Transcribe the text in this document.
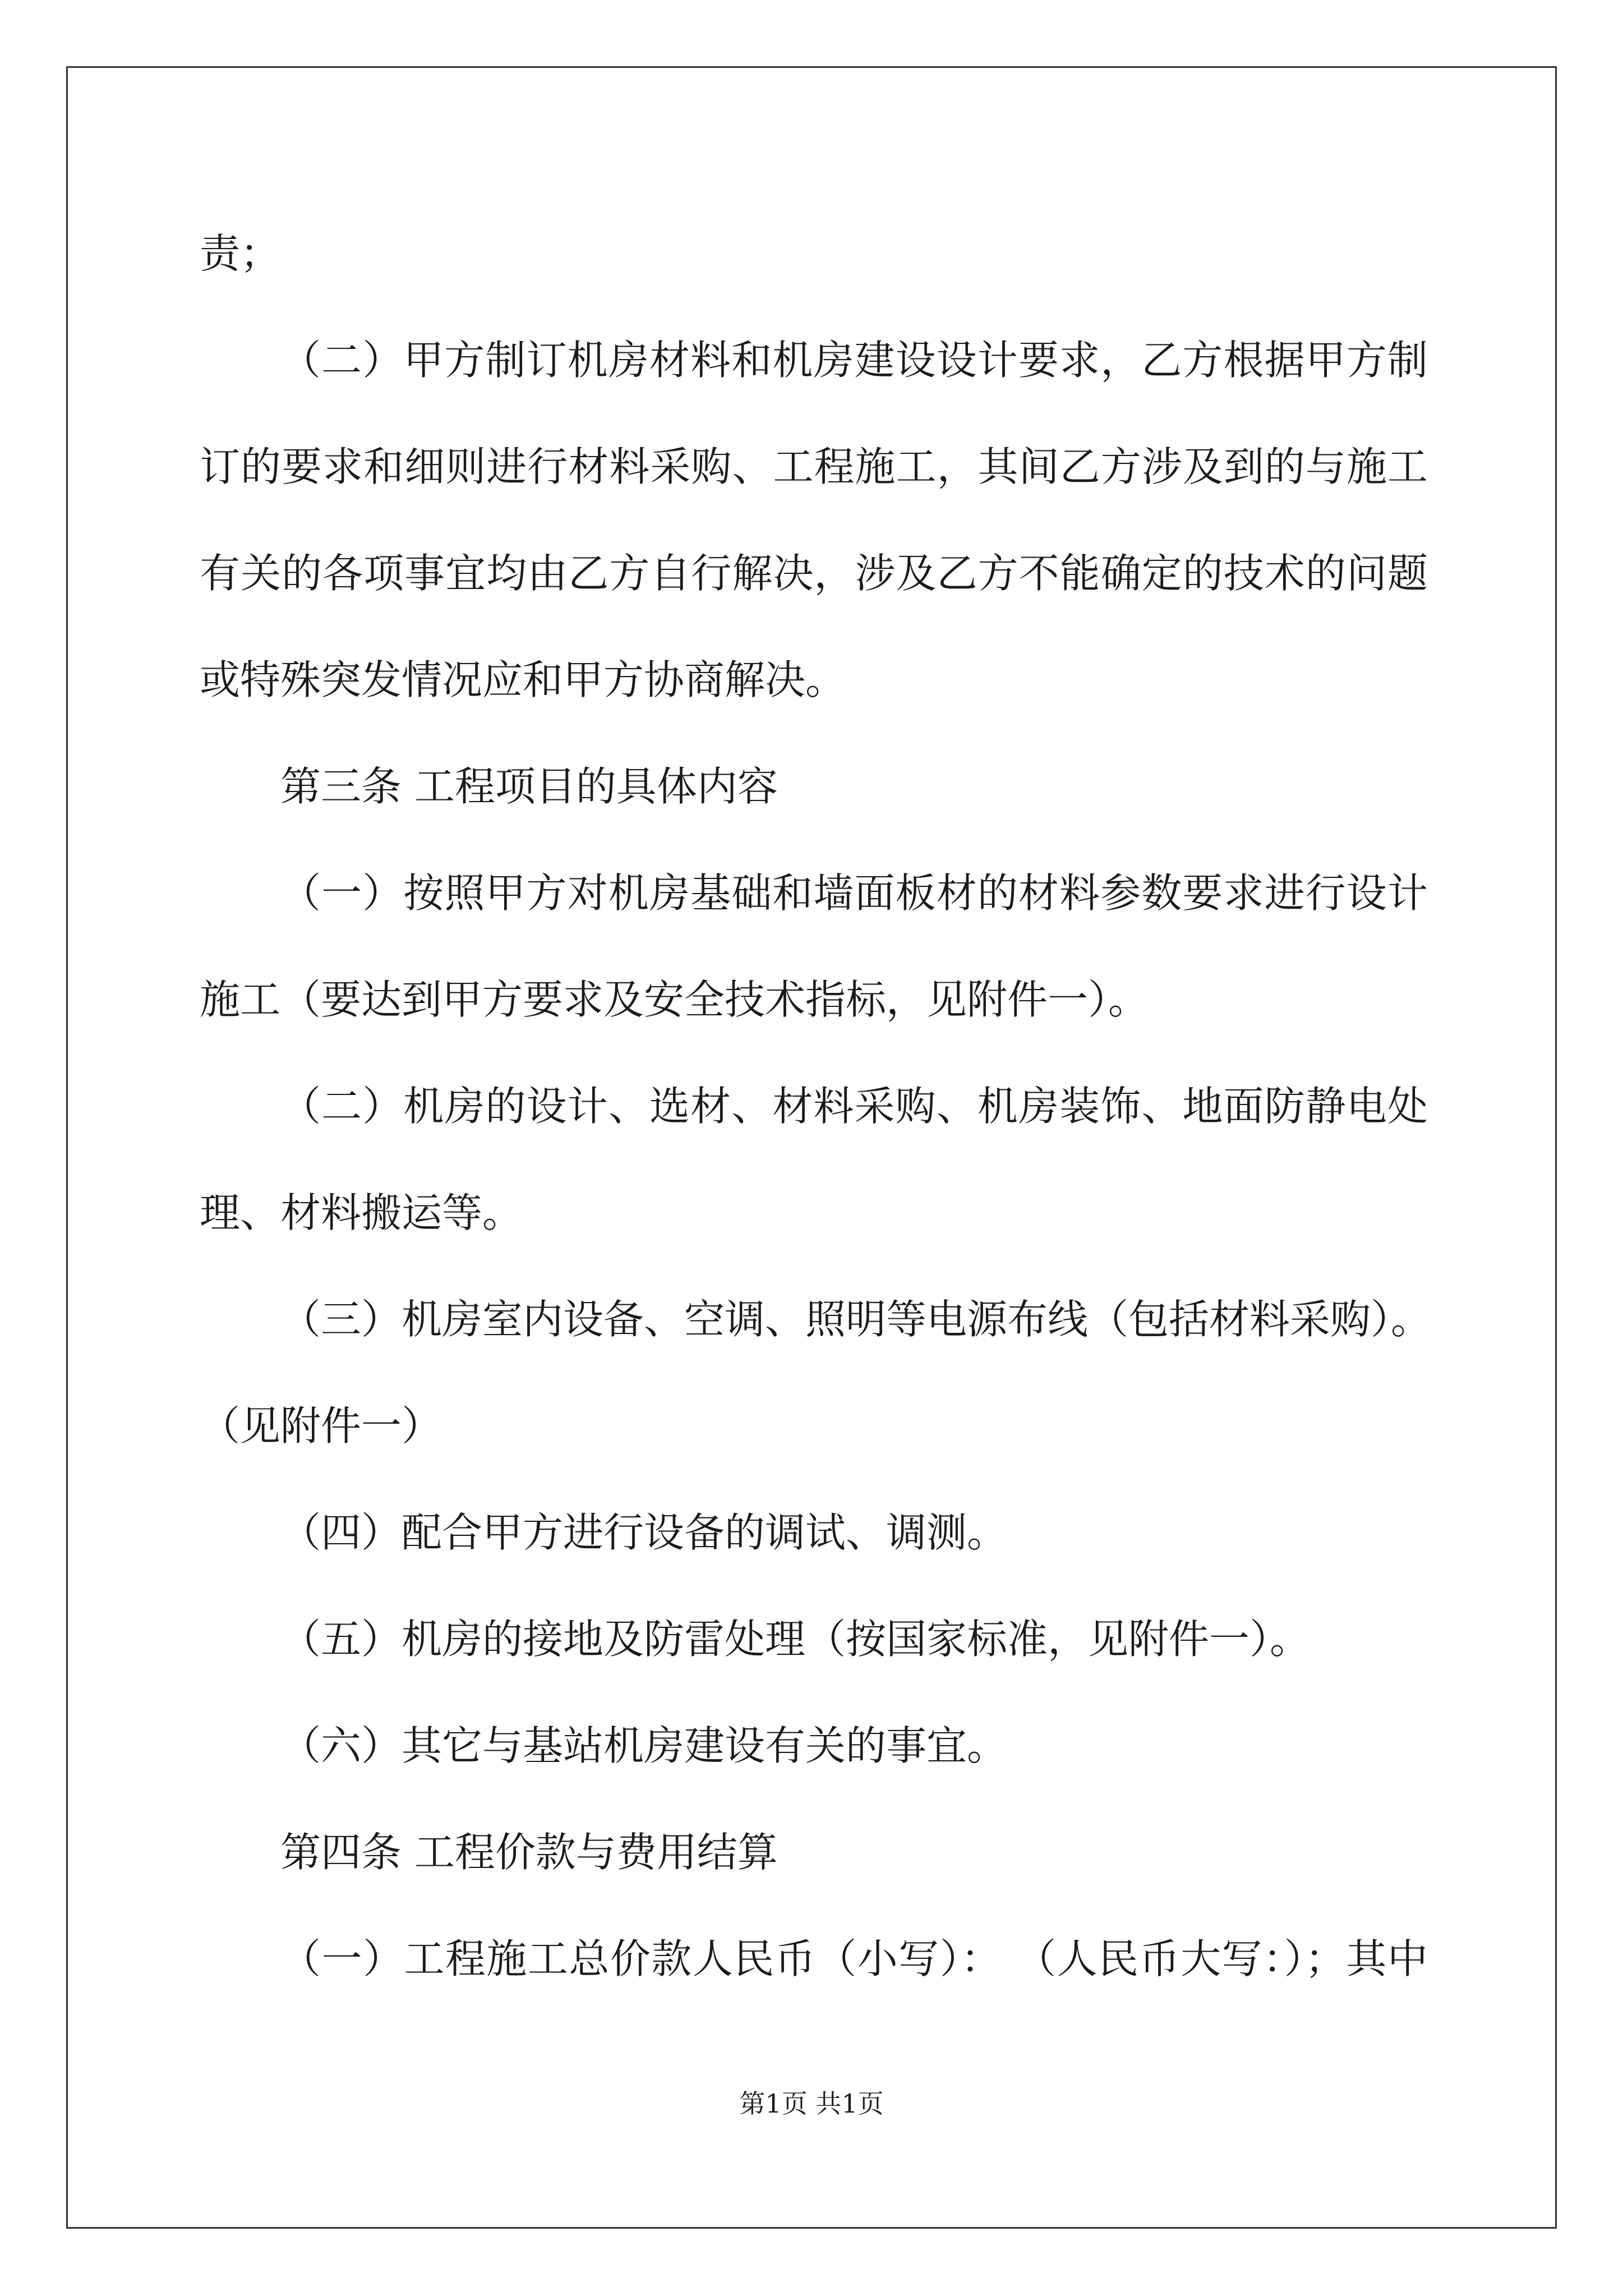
责；

（二）甲方制订机房材料和机房建设设计要求，乙方根据甲方制

订的要求和细则进行材料采购、工程施工，其间乙方涉及到的与施工

有关的各项事宜均由乙方自行解决，涉及乙方不能确定的技术的问题

或特殊突发情况应和甲方协商解决。

第三条 工程项目的具体内容

（一）按照甲方对机房基础和墙面板材的材料参数要求进行设计

施工（要达到甲方要求及安全技术指标，见附件一）。

（二）机房的设计、选材、材料采购、机房装饰、地面防静电处

理、材料搬运等。

（三）机房室内设备、空调、照明等电源布线（包括材料采购）。

（见附件一）

（四）配合甲方进行设备的调试、调测。

（五）机房的接地及防雷处理（按国家标准，见附件一）。

（六）其它与基站机房建设有关的事宜。

第四条 工程价款与费用结算

（一）工程施工总价款人民币（小写）： （人民币大写：）；其中

第1页 共1页
